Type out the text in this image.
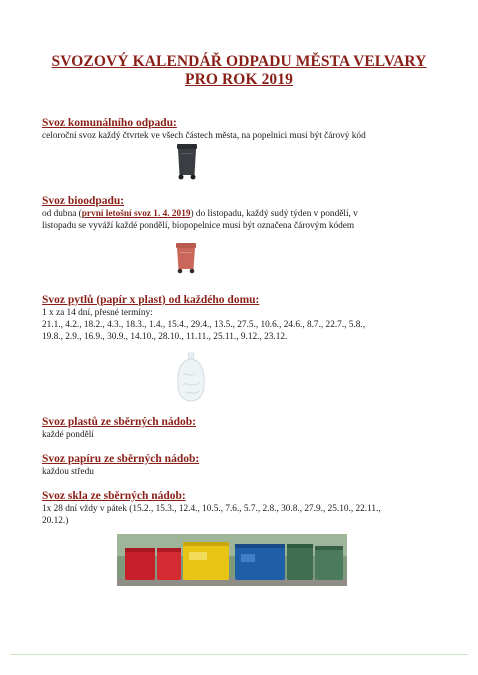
SVOZOVÝ KALENDÁŘ ODPADU MĚSTA VELVARY
PRO ROK 2019
Svoz komunálního odpadu:
celoroční svoz každý čtvrtek ve všech částech města, na popelnici musí být čárový kód
Svoz bioodpadu:
od dubna (první letošní svoz 1. 4. 2019) do listopadu, každý sudý týden v pondělí, v
listopadu se vyváží každé pondělí, biopopelnice musí být označena čárovým kódem
Svoz pytlů (papír x plast) od každého domu:
1 x za 14 dní, přesné termíny:
21.1., 4.2., 18.2., 4.3., 18.3., 1.4., 15.4., 29.4., 13.5., 27.5., 10.6., 24.6., 8.7., 22.7., 5.8.,
19.8., 2.9., 16.9., 30.9., 14.10., 28.10., 11.11., 25.11., 9.12., 23.12.
Svoz plastů ze sběrných nádob:
každé pondělí
Svoz papíru ze sběrných nádob:
každou středu
Svoz skla ze sběrných nádob:
1x 28 dní vždy v pátek (15.2., 15.3., 12.4., 10.5., 7.6., 5.7., 2.8., 30.8., 27.9., 25.10., 22.11.,
20.12.)
